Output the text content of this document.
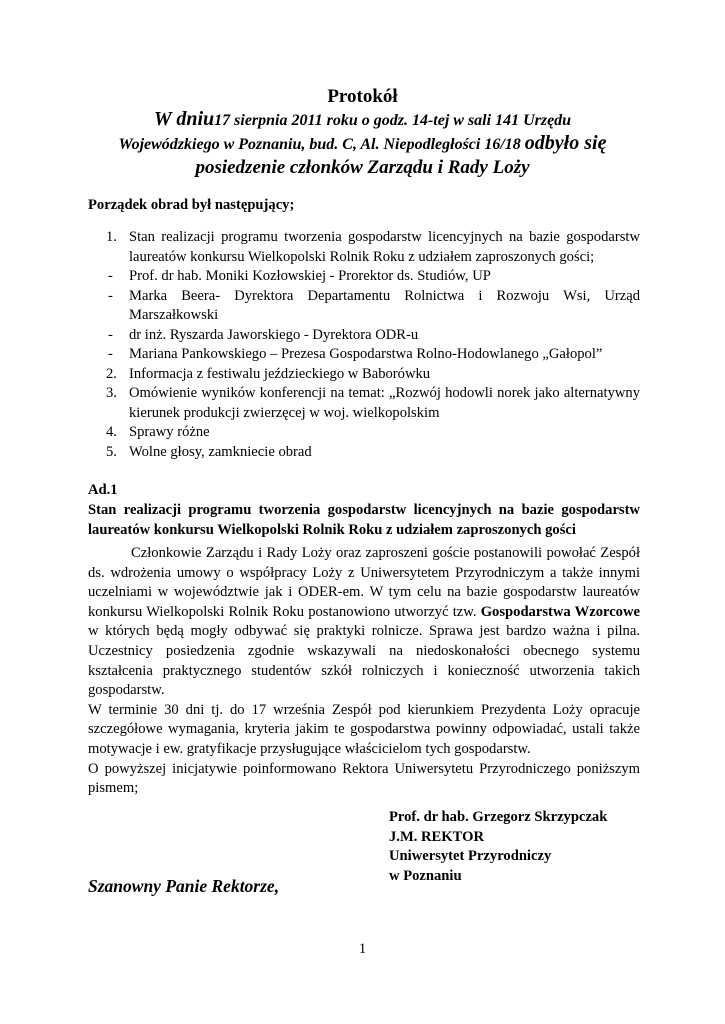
Protokół
W dniu17 sierpnia 2011 roku o godz. 14-tej w sali 141 Urzędu
Wojewódzkiego w Poznaniu, bud. C, Al. Niepodległości 16/18 odbyło się
posiedzenie członków Zarządu i Rady Loży
Porządek obrad był następujący;
1. Stan realizacji programu tworzenia gospodarstw licencyjnych na bazie gospodarstw laureatów konkursu Wielkopolski Rolnik Roku z udziałem zaproszonych gości;
-	Prof. dr hab. Moniki Kozłowskiej - Prorektor ds. Studiów, UP
-	Marka Beera- Dyrektora Departamentu Rolnictwa i Rozwoju Wsi, Urząd Marszałkowski
-	dr inż. Ryszarda Jaworskiego - Dyrektora ODR-u
-	Mariana Pankowskiego – Prezesa Gospodarstwa Rolno-Hodowlanego „Gałopol”
2. Informacja z festiwalu jeździeckiego w Baborówku
3. Omówienie wyników konferencji na temat: „Rozwój hodowli norek jako alternatywny kierunek produkcji zwierzęcej w woj. wielkopolskim
4. Sprawy różne
5. Wolne głosy, zamkniecie obrad
Ad.1
Stan realizacji programu tworzenia gospodarstw licencyjnych na bazie gospodarstw laureatów konkursu Wielkopolski Rolnik Roku z udziałem zaproszonych gości

Członkowie Zarządu i Rady Loży oraz zaproszeni goście postanowili powołać Zespół ds. wdrożenia umowy o współpracy Loży z Uniwersytetem Przyrodniczym a także innymi uczelniami w województwie jak i ODER-em. W tym celu na bazie gospodarstw laureatów konkursu Wielkopolski Rolnik Roku postanowiono utworzyć tzw. Gospodarstwa Wzorcowe w których będą mogły odbywać się praktyki rolnicze. Sprawa jest bardzo ważna i pilna. Uczestnicy posiedzenia zgodnie wskazywali na niedoskonałości obecnego systemu kształcenia praktycznego studentów szkół rolniczych i konieczność utworzenia takich gospodarstw.

W terminie 30 dni tj. do 17 września Zespół pod kierunkiem Prezydenta Loży opracuje szczegółowe wymagania, kryteria jakim te gospodarstwa powinny odpowiadać, ustali także motywacje i ew. gratyfikacje przysługujące właścicielom tych gospodarstw.

O powyższej inicjatywie poinformowano Rektora Uniwersytetu Przyrodniczego poniższym pismem;

Prof. dr hab. Grzegorz Skrzypczak
J.M. REKTOR
Uniwersytet Przyrodniczy
w Poznaniu
Szanowny Panie Rektorze,
1
